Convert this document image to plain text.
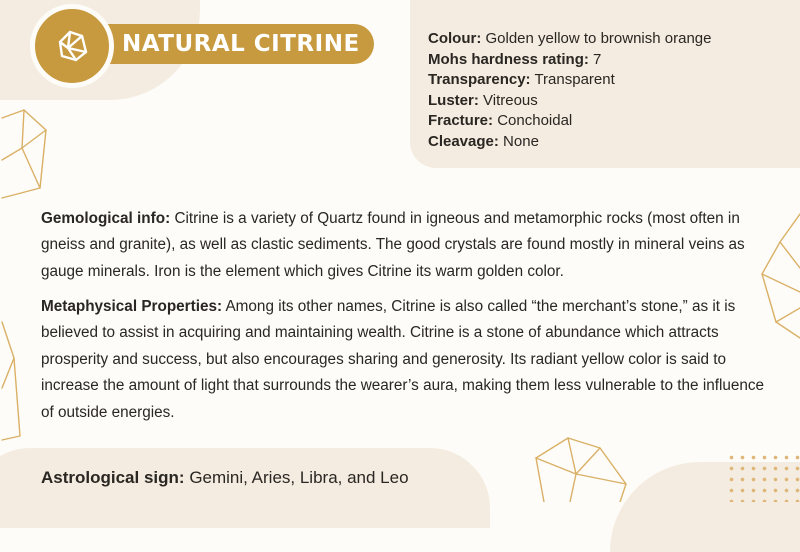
NATURAL CITRINE	Colour: Golden yellow to brownish orange
Mohs hardness rating: 7
Transparency: Transparent
Luster: Vitreous
Fracture: Conchoidal
Cleavage: None

Gemological info: Citrine is a variety of Quartz found in igneous and metamorphic rocks (most often in gneiss and granite), as well as clastic sediments. The good crystals are found mostly in mineral veins as gauge minerals. Iron is the element which gives Citrine its warm golden color.

Metaphysical Properties: Among its other names, Citrine is also called “the merchant’s stone,” as it is believed to assist in acquiring and maintaining wealth. Citrine is a stone of abundance which attracts prosperity and success, but also encourages sharing and generosity. Its radiant yellow color is said to increase the amount of light that surrounds the wearer’s aura, making them less vulnerable to the influence of outside energies.

Astrological sign: Gemini, Aries, Libra, and Leo
